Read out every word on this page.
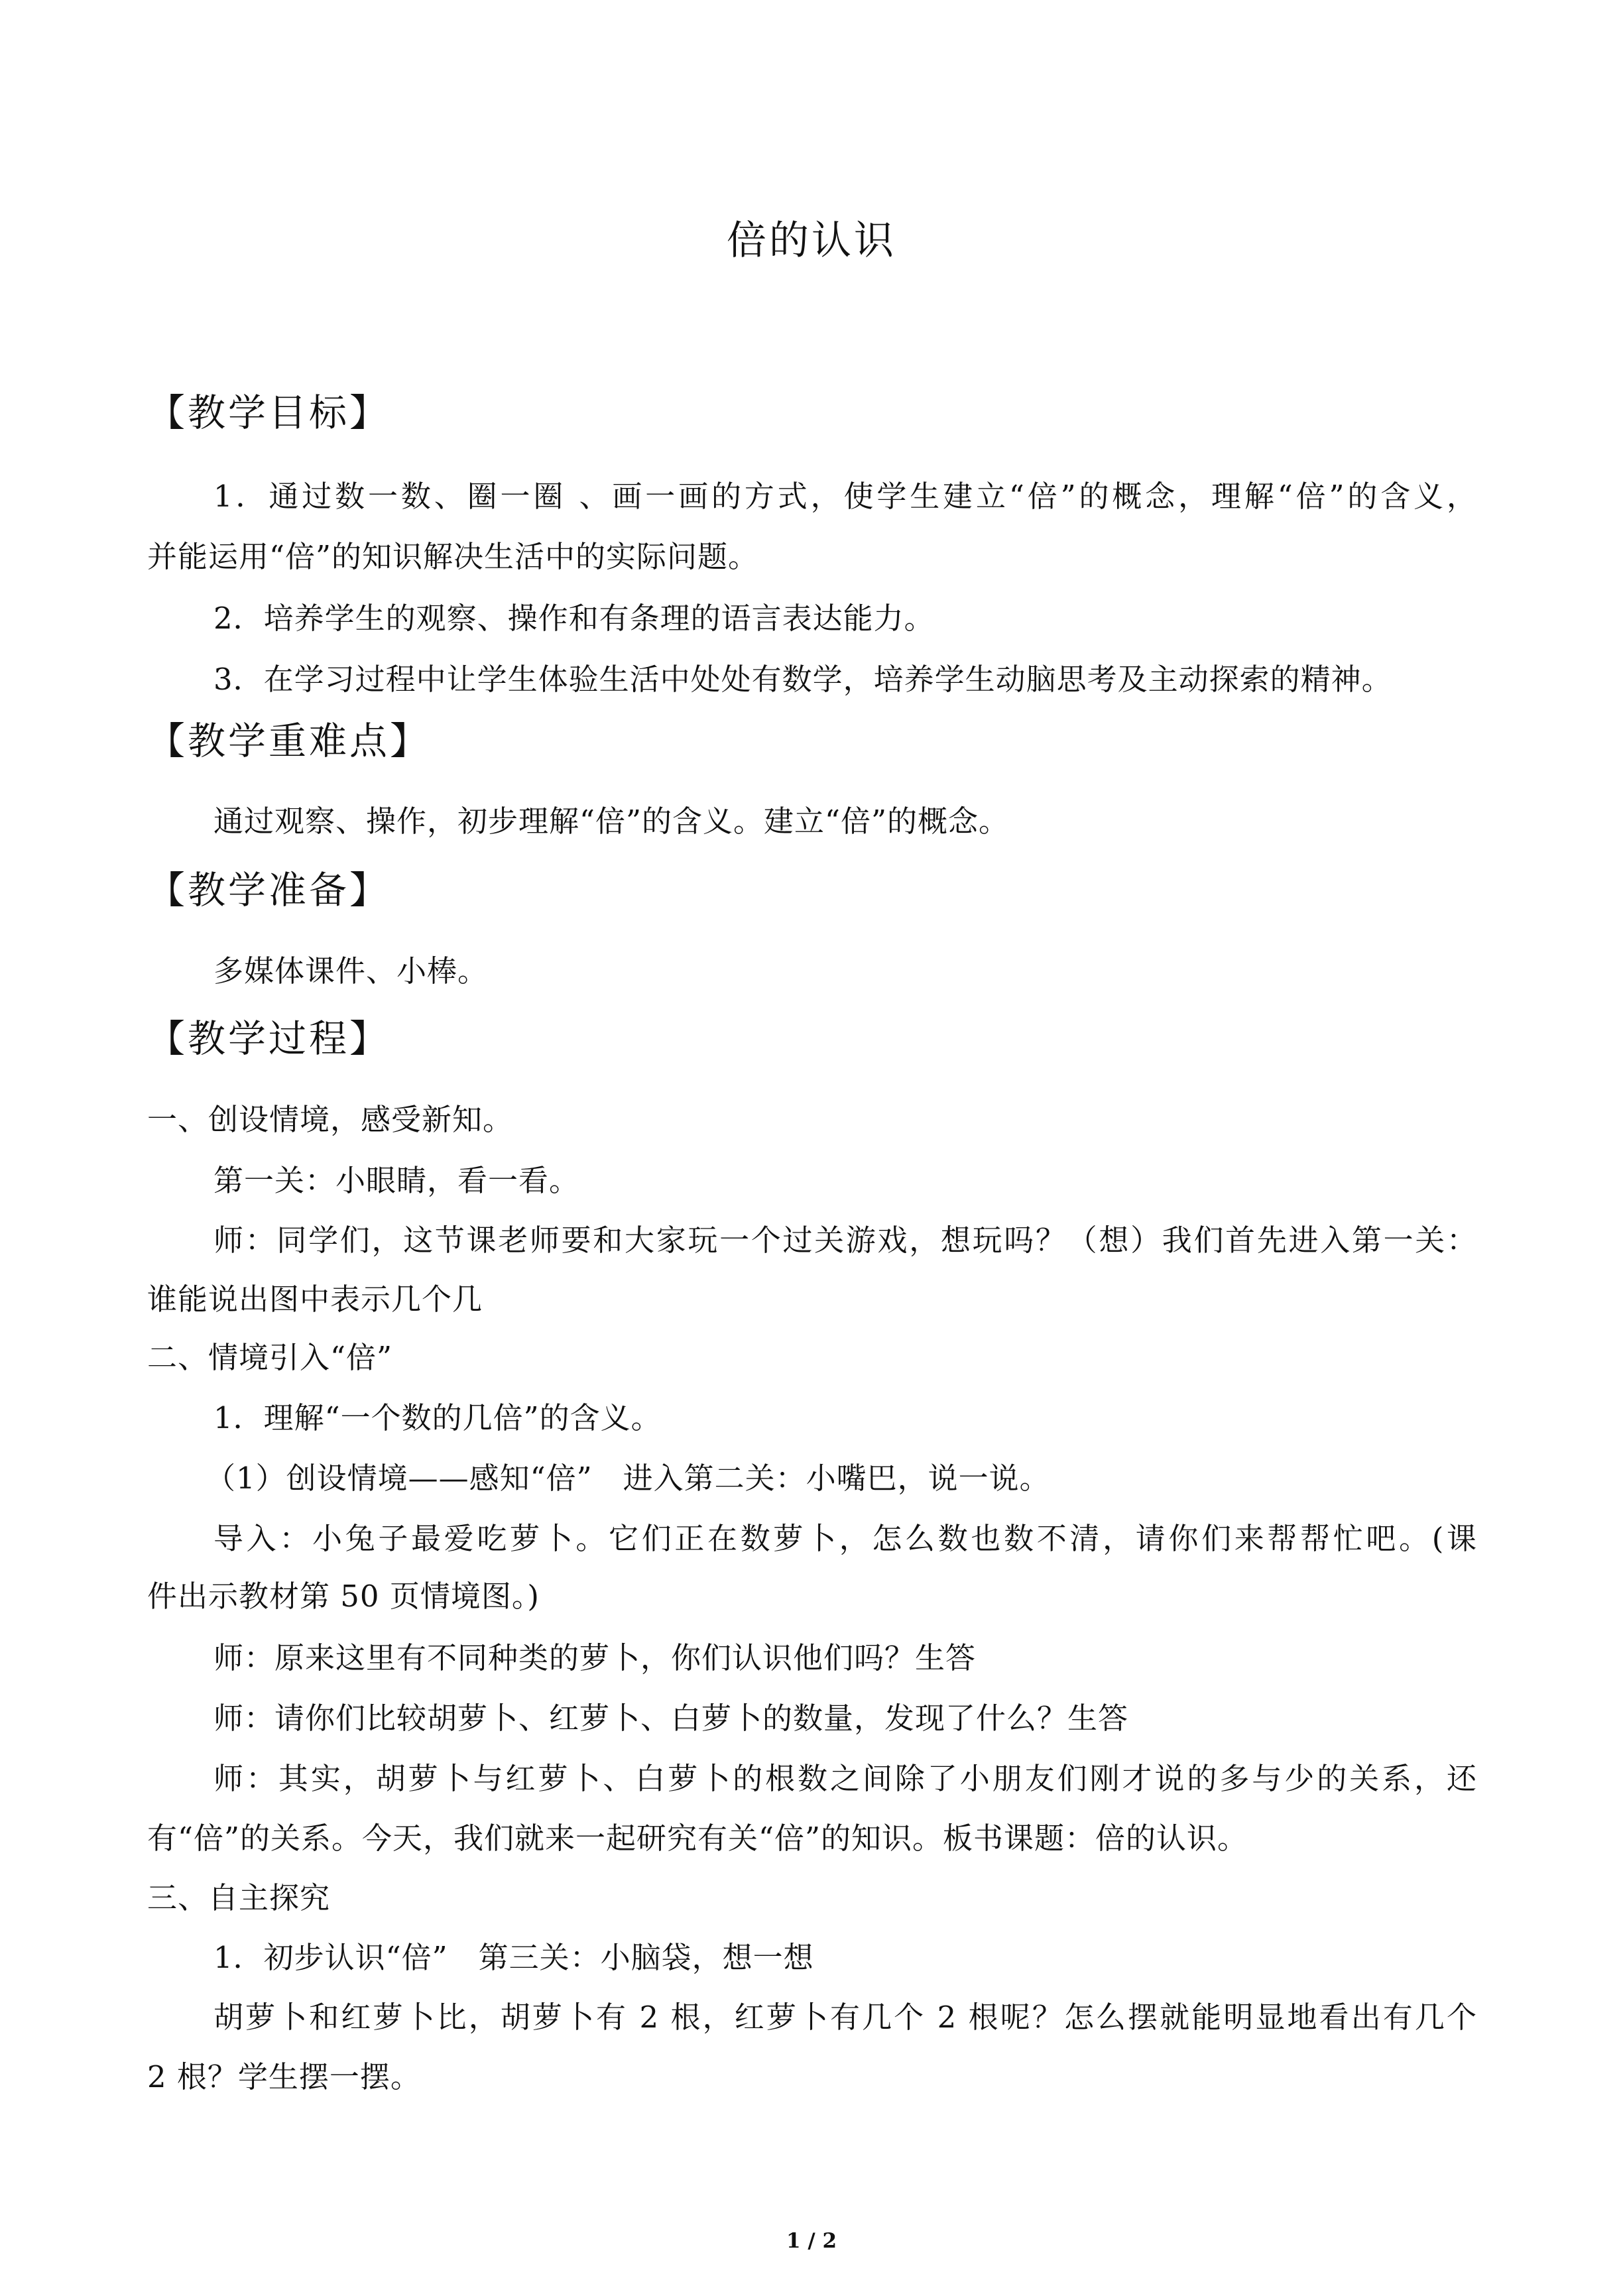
倍的认识
【教学目标】
1．通过数一数、圈一圈 、画一画的方式，使学生建立“倍”的概念，理解“倍”的含义，
并能运用“倍”的知识解决生活中的实际问题。
2．培养学生的观察、操作和有条理的语言表达能力。
3．在学习过程中让学生体验生活中处处有数学，培养学生动脑思考及主动探索的精神。
【教学重难点】
通过观察、操作，初步理解“倍”的含义。建立“倍”的概念。
【教学准备】
多媒体课件、小棒。
【教学过程】
一、创设情境，感受新知。
第一关：小眼睛，看一看。
师：同学们，这节课老师要和大家玩一个过关游戏，想玩吗？（想）我们首先进入第一关：
谁能说出图中表示几个几
二、情境引入“倍”
1．理解“一个数的几倍”的含义。
（1）创设情境——感知“倍”　进入第二关：小嘴巴，说一说。
导入：小兔子最爱吃萝卜。它们正在数萝卜，怎么数也数不清，请你们来帮帮忙吧。(课
件出示教材第 50 页情境图。)
师：原来这里有不同种类的萝卜，你们认识他们吗？生答
师：请你们比较胡萝卜、红萝卜、白萝卜的数量，发现了什么？生答
师：其实，胡萝卜与红萝卜、白萝卜的根数之间除了小朋友们刚才说的多与少的关系，还
有“倍”的关系。今天，我们就来一起研究有关“倍”的知识。板书课题：倍的认识。
三、自主探究
1．初步认识“倍”　第三关：小脑袋，想一想
胡萝卜和红萝卜比，胡萝卜有 2 根，红萝卜有几个 2 根呢？怎么摆就能明显地看出有几个
2 根？学生摆一摆。
1 / 2
